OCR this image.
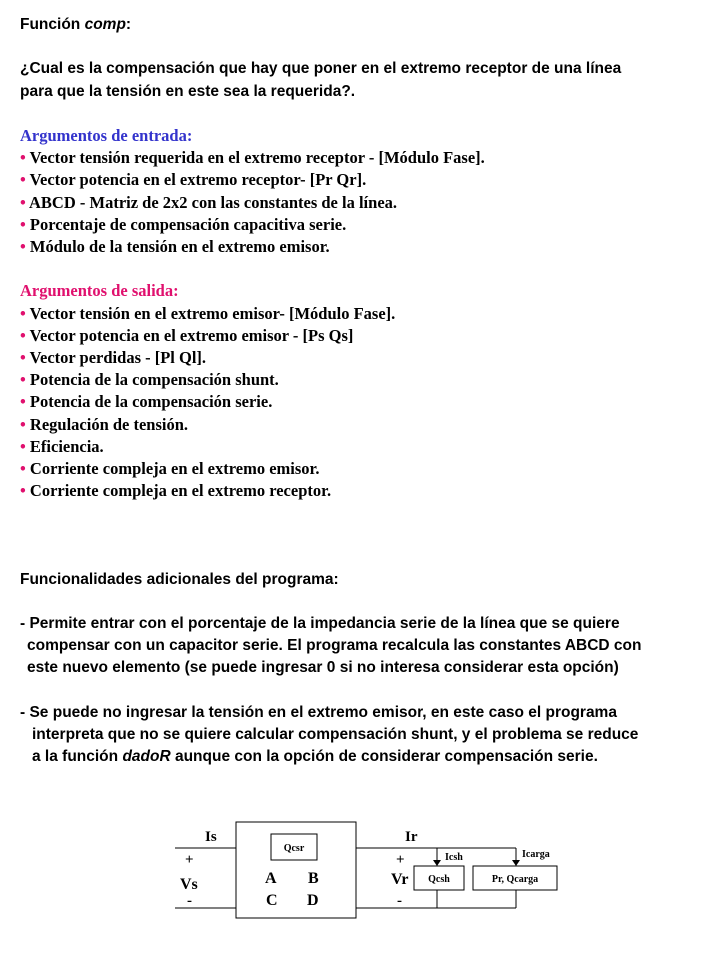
Función comp:
¿Cual es la compensación que hay que poner en el extremo receptor de una línea
para que la tensión en este sea la requerida?.
Argumentos de entrada:
• Vector tensión requerida en el extremo receptor - [Módulo Fase].
• Vector potencia en el extremo receptor- [Pr Qr].
• ABCD - Matriz de 2x2 con las constantes de la línea.
• Porcentaje de compensación capacitiva serie.
• Módulo de la tensión en el extremo emisor.
Argumentos de salida:
• Vector tensión en el extremo emisor- [Módulo Fase].
• Vector potencia en el extremo emisor - [Ps Qs]
• Vector perdidas - [Pl Ql].
• Potencia de la compensación shunt.
• Potencia de la compensación serie.
• Regulación de tensión.
• Eficiencia.
• Corriente compleja en el extremo emisor.
• Corriente compleja en el extremo receptor.
Funcionalidades adicionales del programa:
- Permite entrar con el porcentaje de la impedancia serie de la línea que se quiere
compensar con un capacitor serie. El programa recalcula las constantes ABCD con
este nuevo elemento (se puede ingresar 0 si no interesa considerar esta opción)
- Se puede no ingresar la tensión en el extremo emisor, en este caso el programa
interpreta que no se quiere calcular compensación shunt, y el problema se reduce
a la función dadoR aunque con la opción de considerar compensación serie.
Is	Ir
+
Vs
-
+
Vr
-
Qcsr
A B
C D
Icsh	Icarga
Qcsh	Pr, Qcarga
